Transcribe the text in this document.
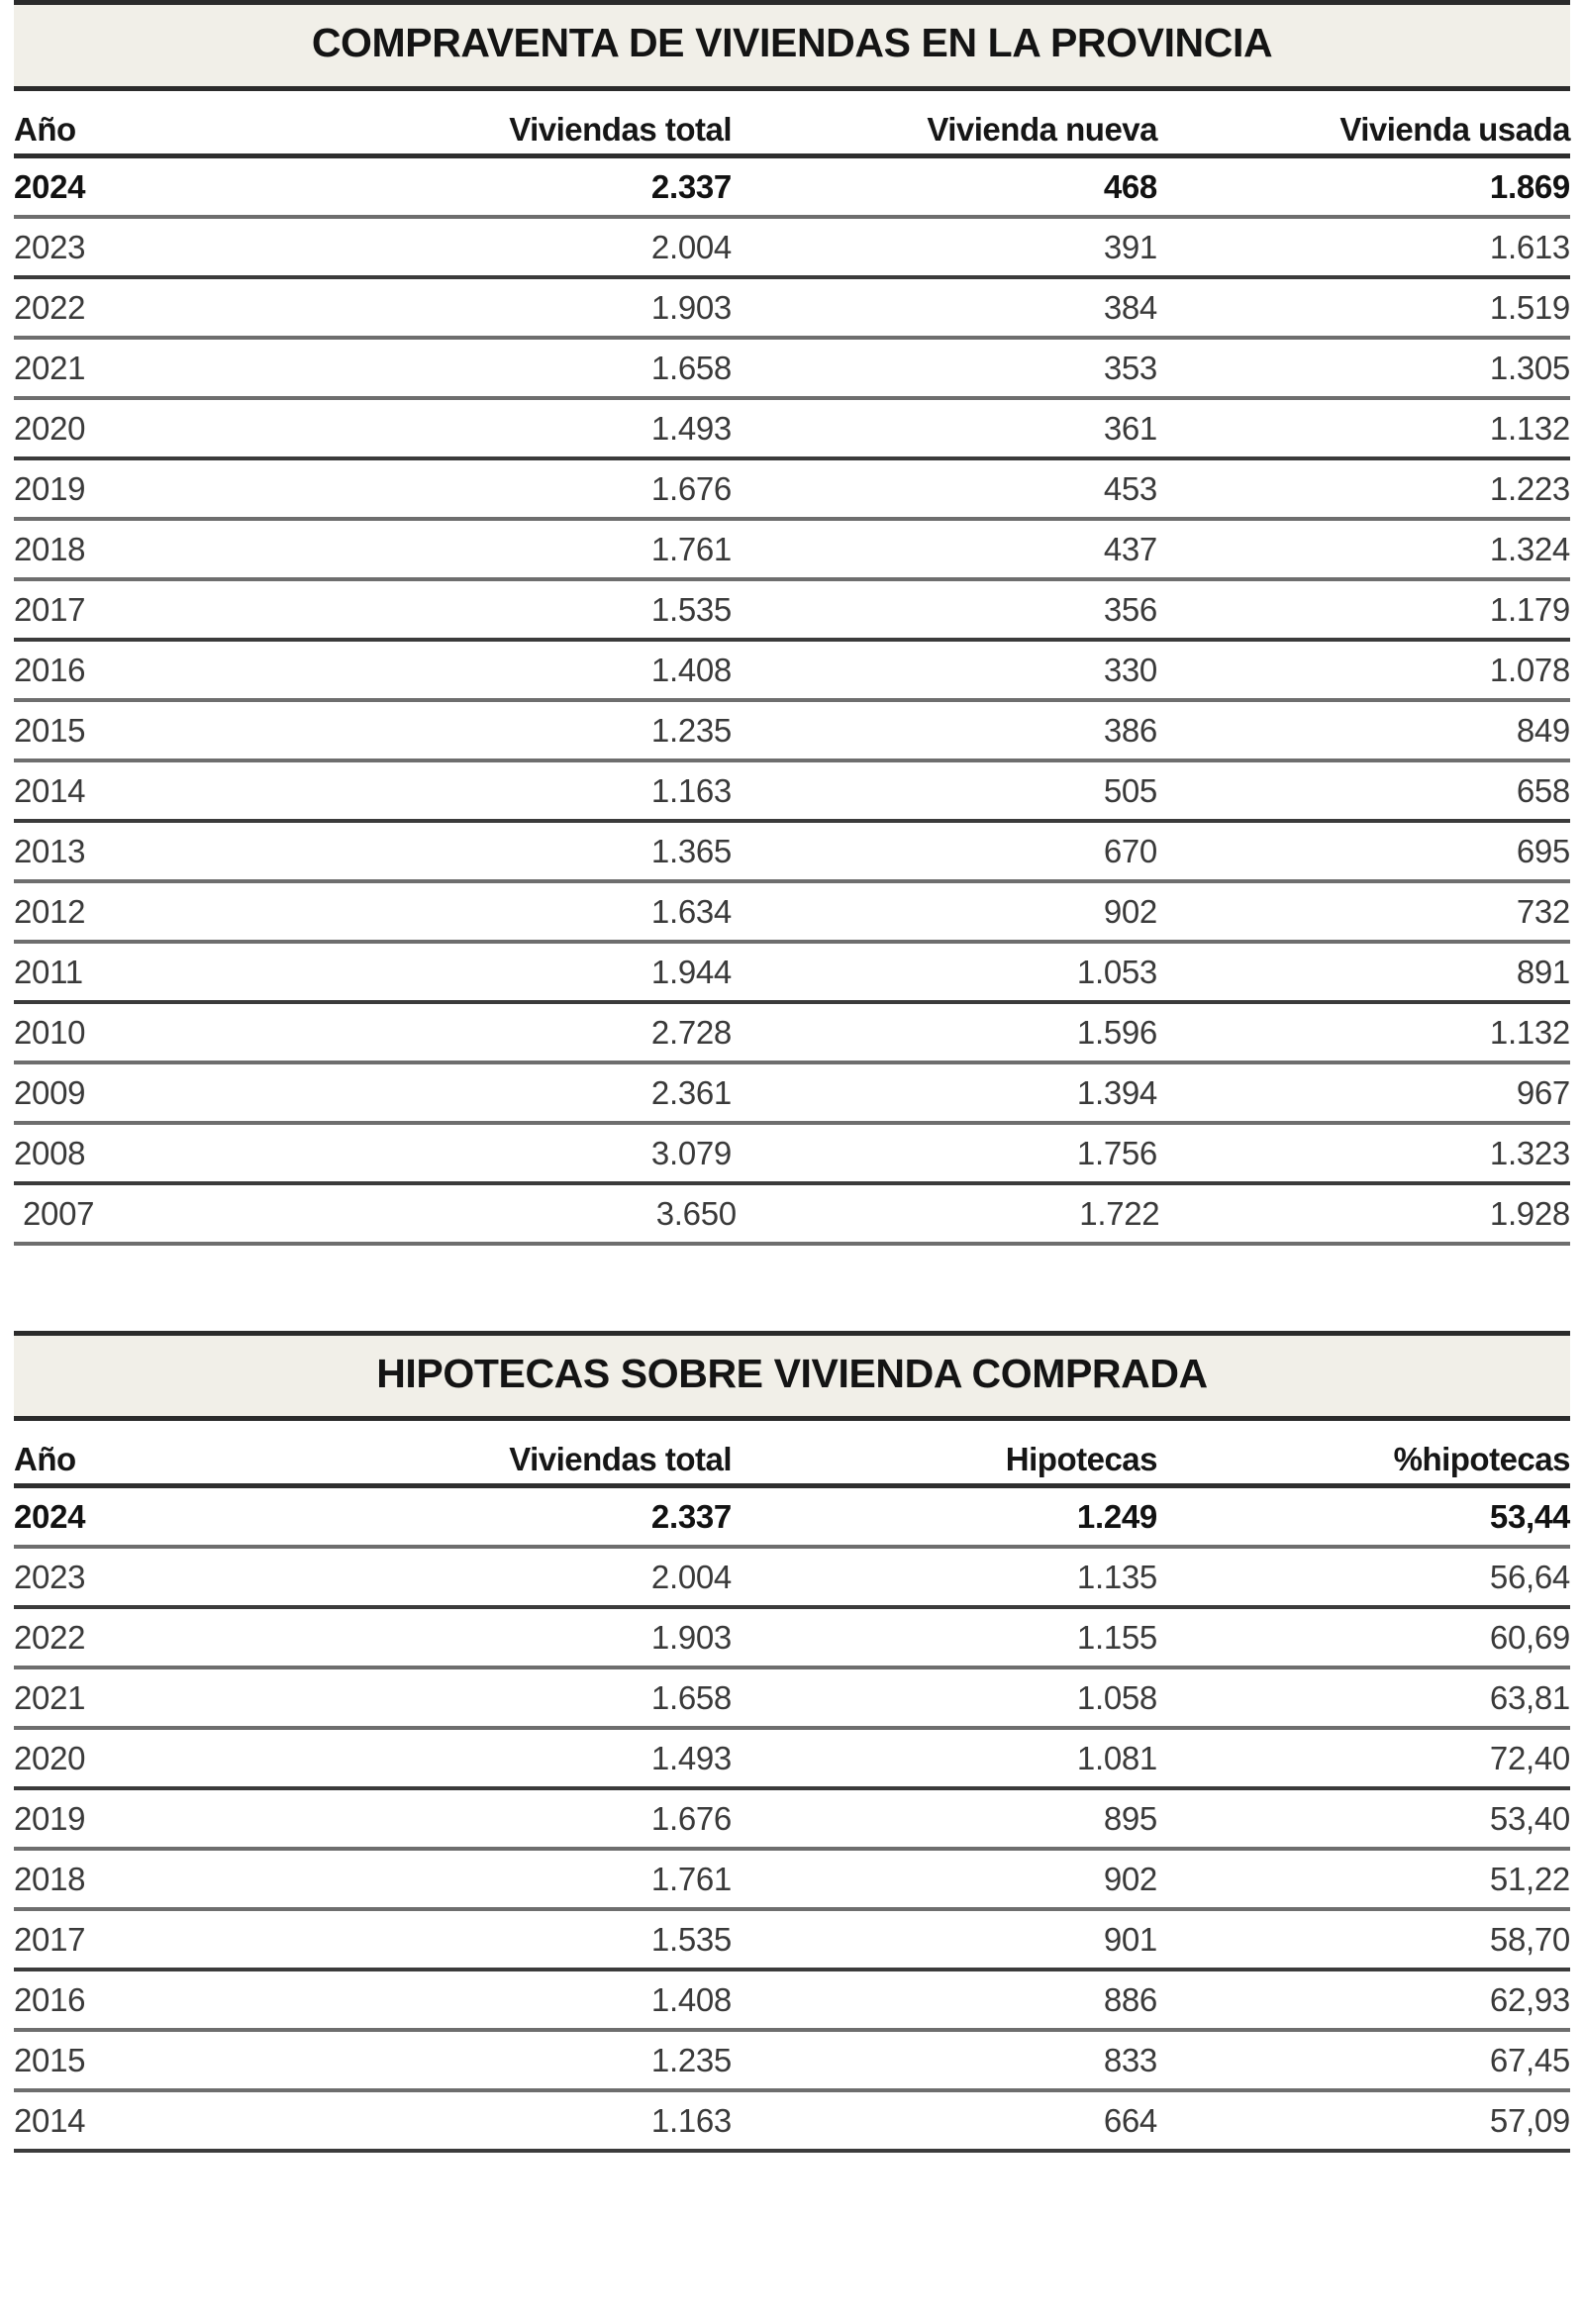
COMPRAVENTA DE VIVIENDAS EN LA PROVINCIA
Año	Viviendas total	Vivienda nueva	Vivienda usada
2024	2.337	468	1.869
2023	2.004	391	1.613
2022	1.903	384	1.519
2021	1.658	353	1.305
2020	1.493	361	1.132
2019	1.676	453	1.223
2018	1.761	437	1.324
2017	1.535	356	1.179
2016	1.408	330	1.078
2015	1.235	386	849
2014	1.163	505	658
2013	1.365	670	695
2012	1.634	902	732
2011	1.944	1.053	891
2010	2.728	1.596	1.132
2009	2.361	1.394	967
2008	3.079	1.756	1.323
2007	3.650	1.722	1.928
HIPOTECAS SOBRE VIVIENDA COMPRADA
Año	Viviendas total	Hipotecas	%hipotecas
2024	2.337	1.249	53,44
2023	2.004	1.135	56,64
2022	1.903	1.155	60,69
2021	1.658	1.058	63,81
2020	1.493	1.081	72,40
2019	1.676	895	53,40
2018	1.761	902	51,22
2017	1.535	901	58,70
2016	1.408	886	62,93
2015	1.235	833	67,45
2014	1.163	664	57,09
